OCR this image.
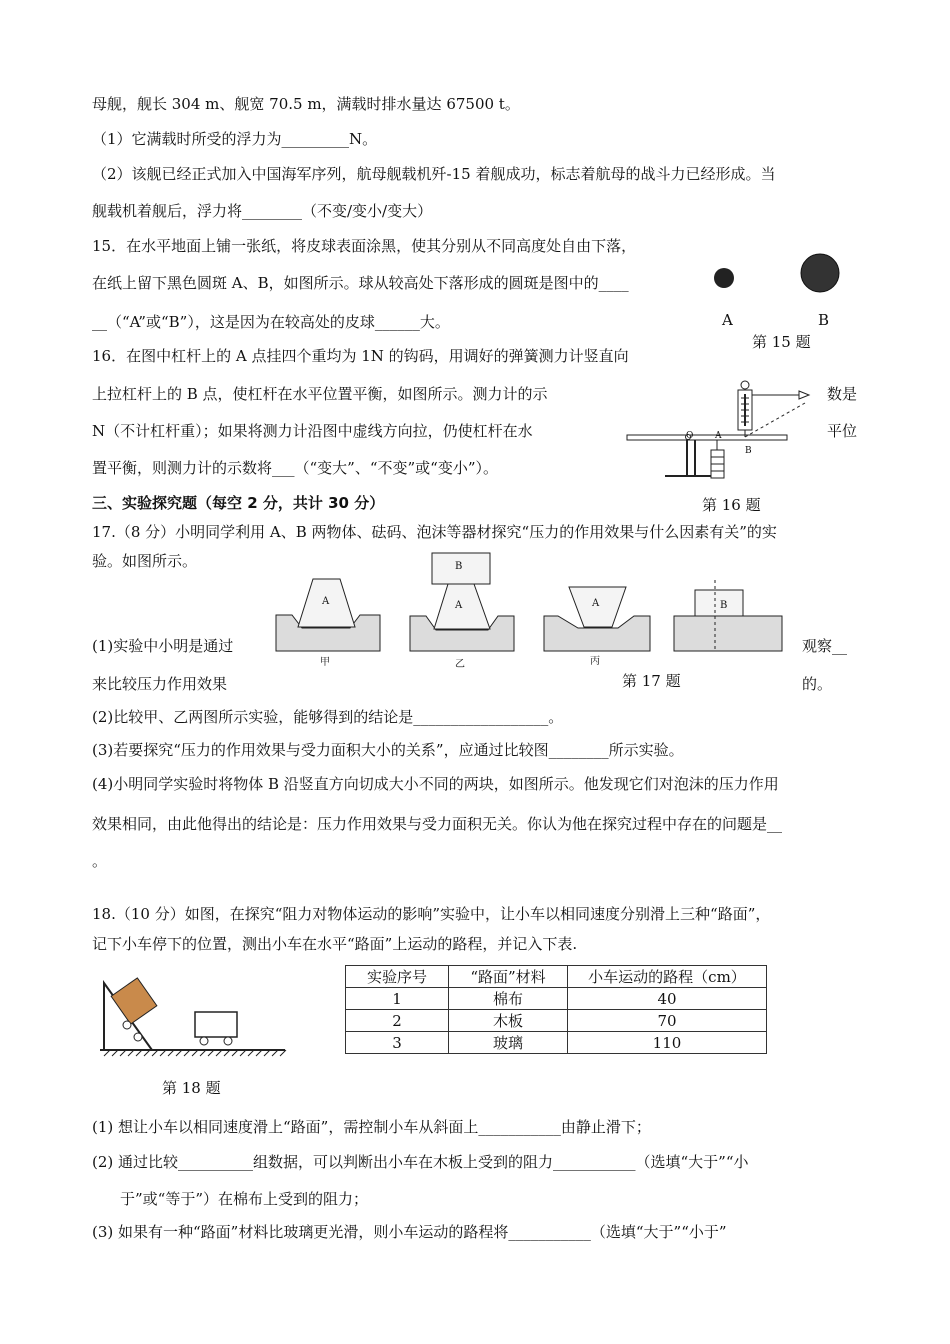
母舰，舰长 304 m、舰宽 70.5 m，满载时排水量达 67500 t。
（1）它满载时所受的浮力为_________N。
（2）该舰已经正式加入中国海军序列，航母舰载机歼-15 着舰成功，标志着航母的战斗力已经形成。当
舰载机着舰后，浮力将________（不变/变小/变大）
15．在水平地面上铺一张纸，将皮球表面涂黑，使其分别从不同高度处自由下落，
在纸上留下黑色圆斑 A、B，如图所示。球从较高处下落形成的圆斑是图中的____
__（“A”或“B”），这是因为在较高处的皮球______大。	A	B
第 15 题
16．在图中杠杆上的 A 点挂四个重均为 1N 的钩码，用调好的弹簧测力计竖直向
上拉杠杆上的 B 点，使杠杆在水平位置平衡，如图所示。测力计的示	数是
N（不计杠杆重）；如果将测力计沿图中虚线方向拉，仍使杠杆在水	平位
置平衡，则测力计的示数将___（“变大”、“不变”或“变小”）。
O A
B
第 16 题
三、实验探究题（每空 2 分，共计 30 分）
17.（8 分）小明同学利用 A、B 两物体、砝码、泡沫等器材探究“压力的作用效果与什么因素有关”的实
验。如图所示。
(1)实验中小明是通过	观察__
来比较压力作用效果	的。
A
B
A	A	B
甲	乙	丙
第 17 题
(2)比较甲、乙两图所示实验，能够得到的结论是__________________。
(3)若要探究“压力的作用效果与受力面积大小的关系”，应通过比较图________所示实验。
(4)小明同学实验时将物体 B 沿竖直方向切成大小不同的两块，如图所示。他发现它们对泡沫的压力作用
效果相同，由此他得出的结论是：压力作用效果与受力面积无关。你认为他在探究过程中存在的问题是__
。
18.（10 分）如图，在探究“阻力对物体运动的影响”实验中，让小车以相同速度分别滑上三种“路面”，
记下小车停下的位置，测出小车在水平“路面”上运动的路程，并记入下表.
第 18 题
实验序号	“路面”材料	小车运动的路程（cm）
1	棉布	40
2	木板	70
3	玻璃	110
(1) 想让小车以相同速度滑上“路面”，需控制小车从斜面上___________由静止滑下；
(2) 通过比较__________组数据，可以判断出小车在木板上受到的阻力___________（选填“大于”“小
于”或“等于”）在棉布上受到的阻力；
(3) 如果有一种“路面”材料比玻璃更光滑，则小车运动的路程将___________（选填“大于”“小于”
